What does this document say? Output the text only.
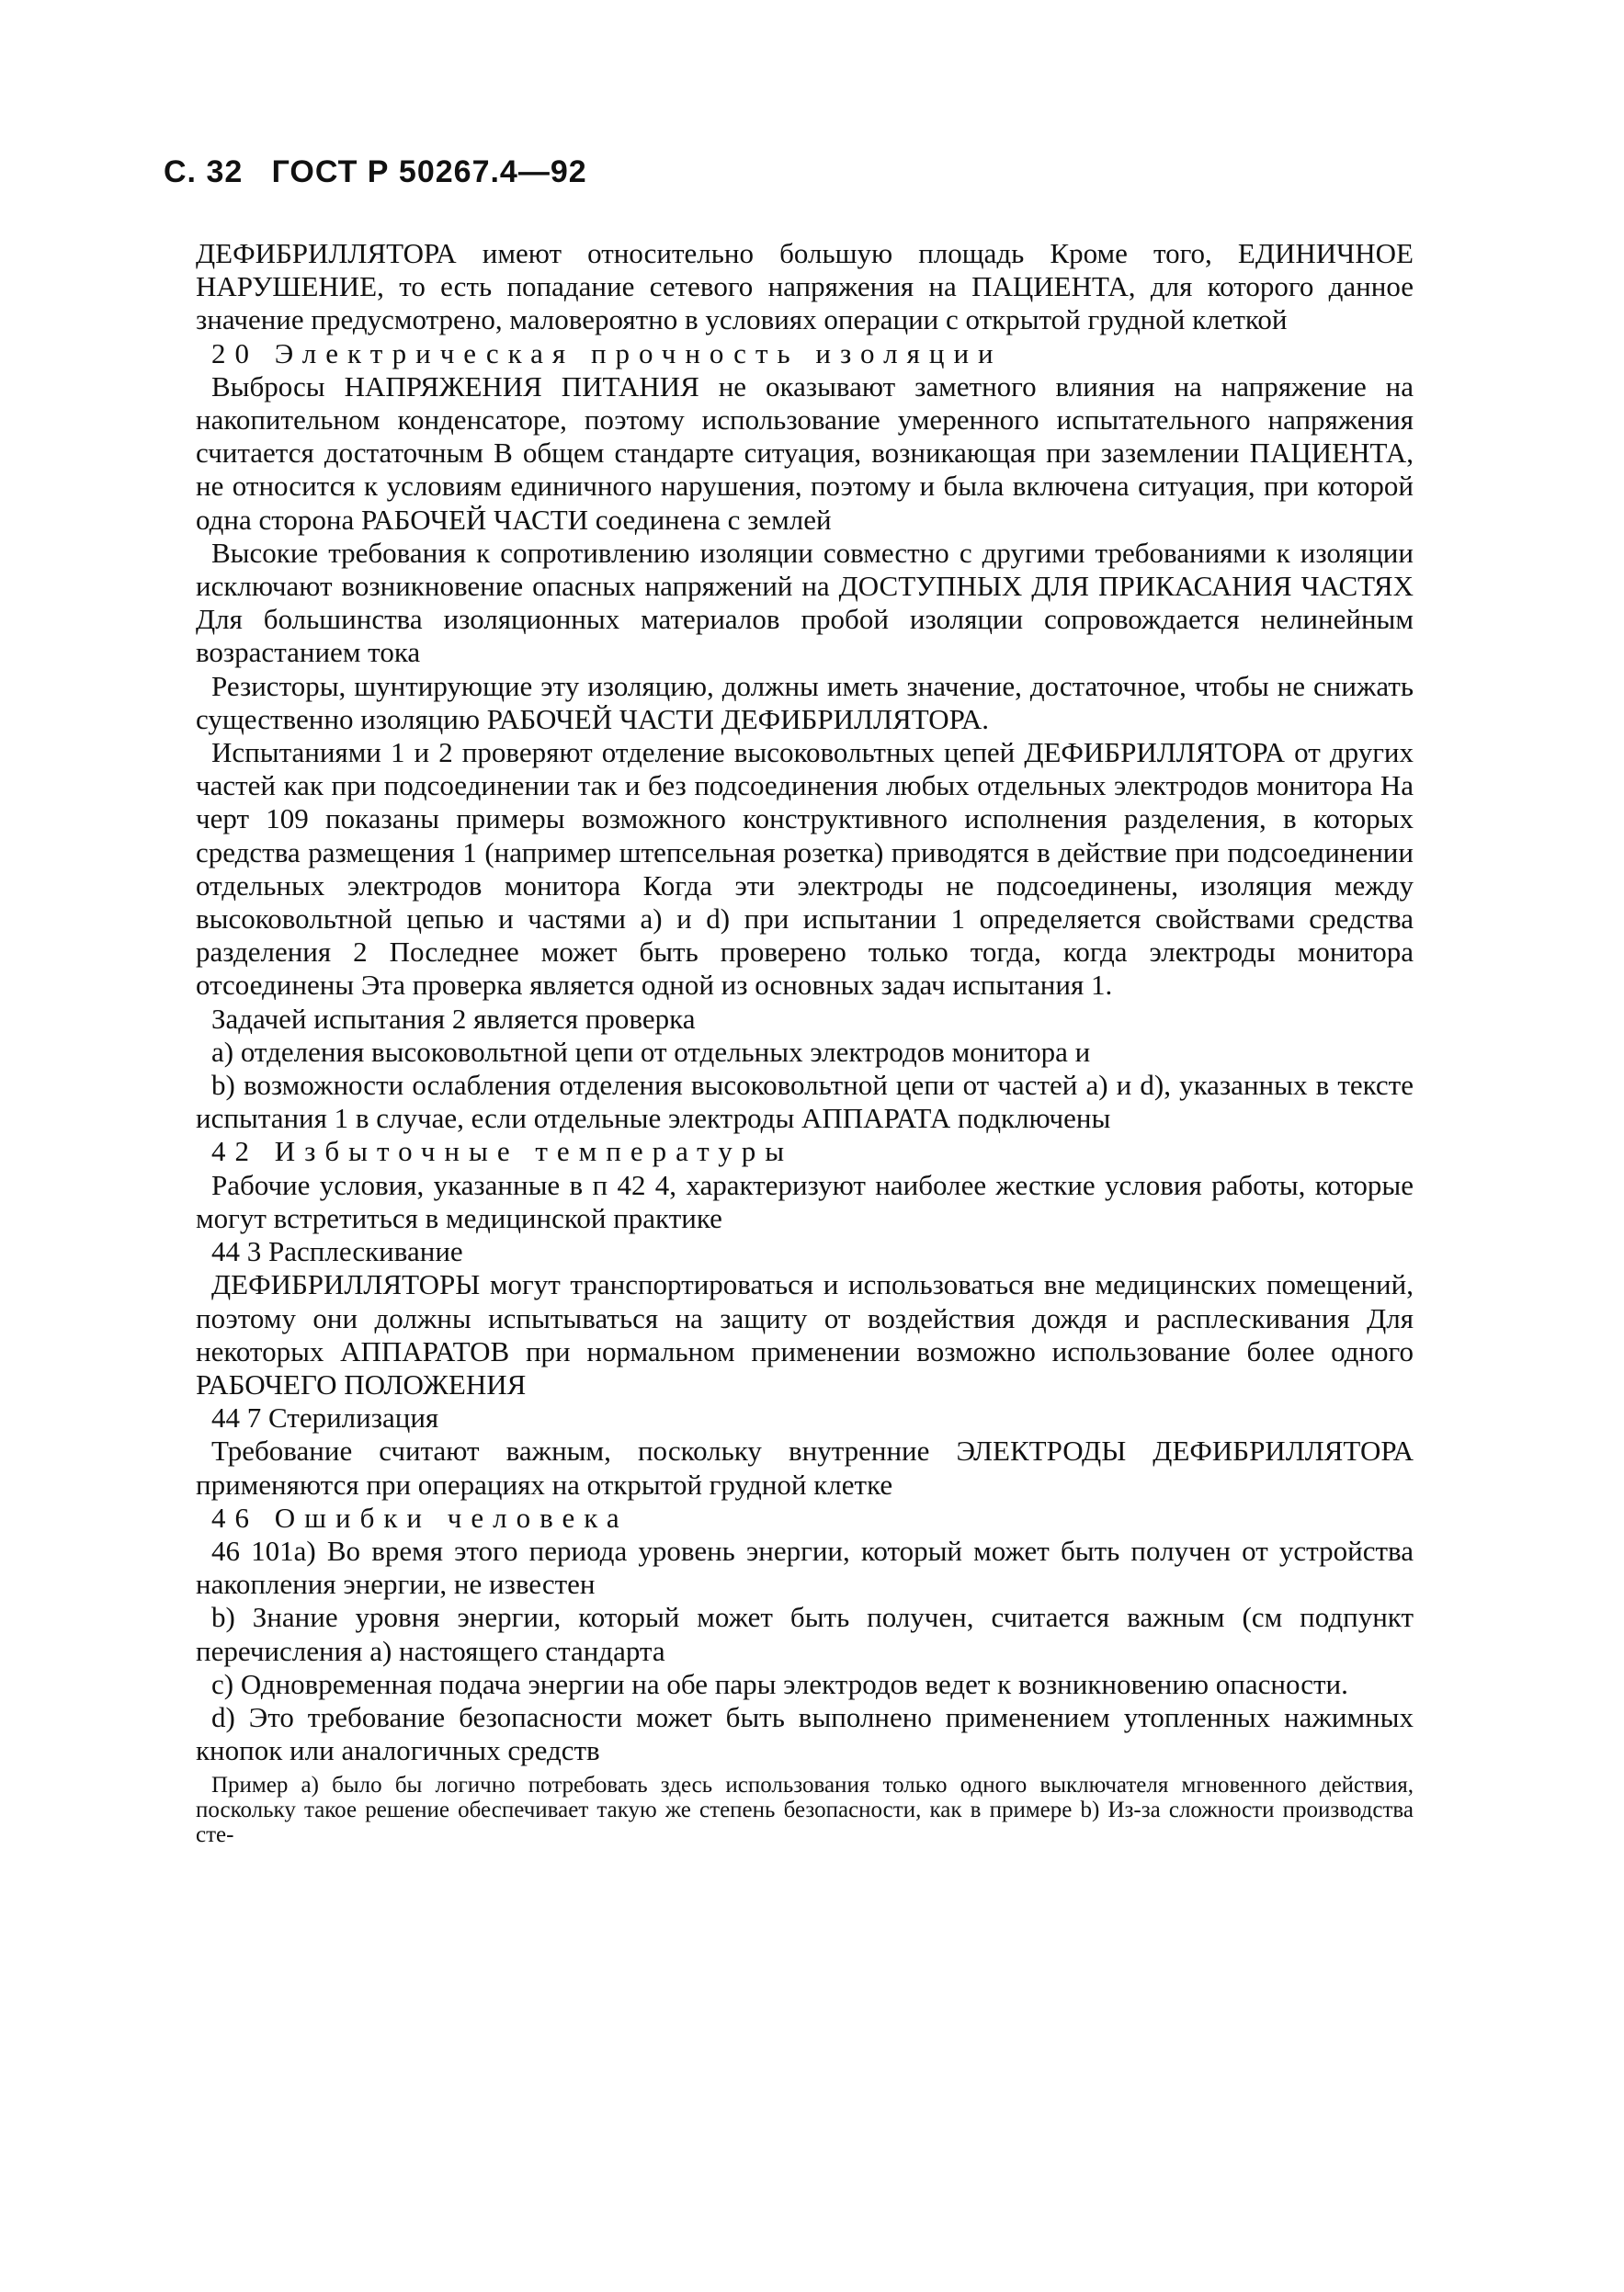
С. 32 ГОСТ Р 50267.4—92

ДЕФИБРИЛЛЯТОРА имеют относительно большую площадь Кроме того, ЕДИНИЧНОЕ НАРУШЕНИЕ, то есть попадание сетевого напряжения на ПАЦИЕНТА, для которого данное значение предусмотрено, маловероятно в условиях операции с открытой грудной клеткой

20 Электрическая прочность изоляции

Выбросы НАПРЯЖЕНИЯ ПИТАНИЯ не оказывают заметного влияния на напряжение на накопительном конденсаторе, поэтому использование умеренного испытательного напряжения считается достаточным В общем стандарте ситуация, возникающая при заземлении ПАЦИЕНТА, не относится к условиям единичного нарушения, поэтому и была включена ситуация, при которой одна сторона РАБОЧЕЙ ЧАСТИ соединена с землей

Высокие требования к сопротивлению изоляции совместно с другими требованиями к изоляции исключают возникновение опасных напряжений на ДОСТУПНЫХ ДЛЯ ПРИКАСАНИЯ ЧАСТЯХ Для большинства изоляционных материалов пробой изоляции сопровождается нелинейным возрастанием тока

Резисторы, шунтирующие эту изоляцию, должны иметь значение, достаточное, чтобы не снижать существенно изоляцию РАБОЧЕЙ ЧАСТИ ДЕФИБРИЛЛЯТОРА.

Испытаниями 1 и 2 проверяют отделение высоковольтных цепей ДЕФИБРИЛЛЯТОРА от других частей как при подсоединении так и без подсоединения любых отдельных электродов монитора На черт 109 показаны примеры возможного конструктивного исполнения разделения, в которых средства размещения 1 (например штепсельная розетка) приводятся в действие при подсоединении отдельных электродов монитора Когда эти электроды не подсоединены, изоляция между высоковольтной цепью и частями а) и d) при испытании 1 определяется свойствами средства разделения 2 Последнее может быть проверено только тогда, когда электроды монитора отсоединены Эта проверка является одной из основных задач испытания 1.

Задачей испытания 2 является проверка

а) отделения высоковольтной цепи от отдельных электродов монитора и

b) возможности ослабления отделения высоковольтной цепи от частей а) и d), указанных в тексте испытания 1 в случае, если отдельные электроды АППАРАТА подключены

42 Избыточные температуры

Рабочие условия, указанные в п 42 4, характеризуют наиболее жесткие условия работы, которые могут встретиться в медицинской практике

44 3 Расплескивание

ДЕФИБРИЛЛЯТОРЫ могут транспортироваться и использоваться вне медицинских помещений, поэтому они должны испытываться на защиту от воздействия дождя и расплескивания Для некоторых АППАРАТОВ при нормальном применении возможно использование более одного РАБОЧЕГО ПОЛОЖЕНИЯ

44 7 Стерилизация

Требование считают важным, поскольку внутренние ЭЛЕКТРОДЫ ДЕФИБРИЛЛЯТОРА применяются при операциях на открытой грудной клетке

46 Ошибки человека

46 101а) Во время этого периода уровень энергии, который может быть получен от устройства накопления энергии, не известен

b) Знание уровня энергии, который может быть получен, считается важным (см подпункт перечисления а) настоящего стандарта

с) Одновременная подача энергии на обе пары электродов ведет к возникновению опасности.

d) Это требование безопасности может быть выполнено применением утопленных нажимных кнопок или аналогичных средств

Пример а) было бы логично потребовать здесь использования только одного выключателя мгновенного действия, поскольку такое решение обеспечивает такую же степень безопасности, как в примере b) Из-за сложности производства сте-
